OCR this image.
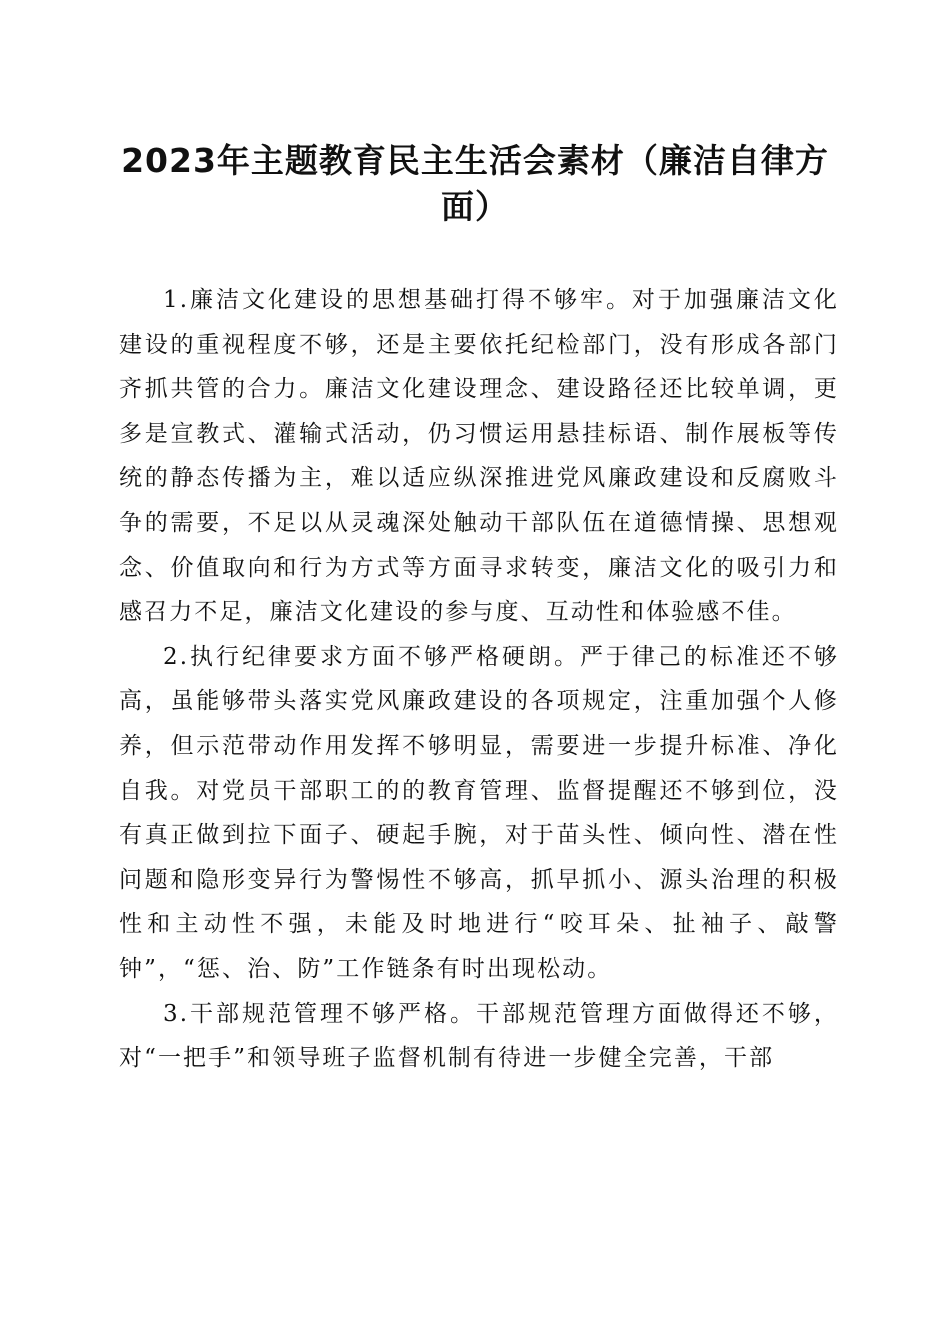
2023年主题教育民主生活会素材（廉洁自律方面）

1.廉洁文化建设的思想基础打得不够牢。对于加强廉洁文化建设的重视程度不够，还是主要依托纪检部门，没有形成各部门齐抓共管的合力。廉洁文化建设理念、建设路径还比较单调，更多是宣教式、灌输式活动，仍习惯运用悬挂标语、制作展板等传统的静态传播为主，难以适应纵深推进党风廉政建设和反腐败斗争的需要，不足以从灵魂深处触动干部队伍在道德情操、思想观念、价值取向和行为方式等方面寻求转变，廉洁文化的吸引力和感召力不足，廉洁文化建设的参与度、互动性和体验感不佳。

2.执行纪律要求方面不够严格硬朗。严于律己的标准还不够高，虽能够带头落实党风廉政建设的各项规定，注重加强个人修养，但示范带动作用发挥不够明显，需要进一步提升标准、净化自我。对党员干部职工的的教育管理、监督提醒还不够到位，没有真正做到拉下面子、硬起手腕，对于苗头性、倾向性、潜在性问题和隐形变异行为警惕性不够高，抓早抓小、源头治理的积极性和主动性不强，未能及时地进行“咬耳朵、扯袖子、敲警钟”，“惩、治、防”工作链条有时出现松动。

3.干部规范管理不够严格。干部规范管理方面做得还不够，对“一把手”和领导班子监督机制有待进一步健全完善，干部
